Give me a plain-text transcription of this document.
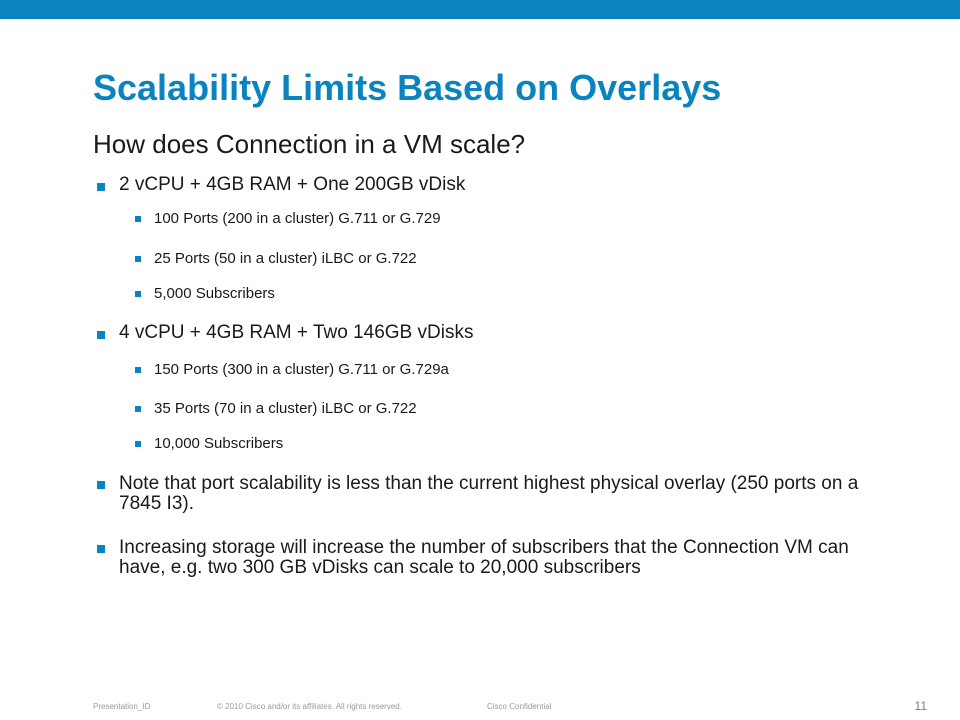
Scalability Limits Based on Overlays
How does Connection in a VM scale?
2 vCPU + 4GB RAM + One 200GB vDisk
100 Ports (200 in a cluster) G.711 or G.729
25 Ports (50 in a cluster) iLBC or G.722
5,000 Subscribers
4 vCPU + 4GB RAM + Two 146GB vDisks
150 Ports (300 in a cluster) G.711 or G.729a
35 Ports (70 in a cluster) iLBC or G.722
10,000 Subscribers
Note that port scalability is less than the current highest physical overlay (250 ports on a 7845 I3).
Increasing storage will increase the number of subscribers that the Connection VM can have, e.g. two 300 GB vDisks can scale to 20,000 subscribers
Presentation_ID	© 2010 Cisco and/or its affiliates. All rights reserved.	Cisco Confidential	11
